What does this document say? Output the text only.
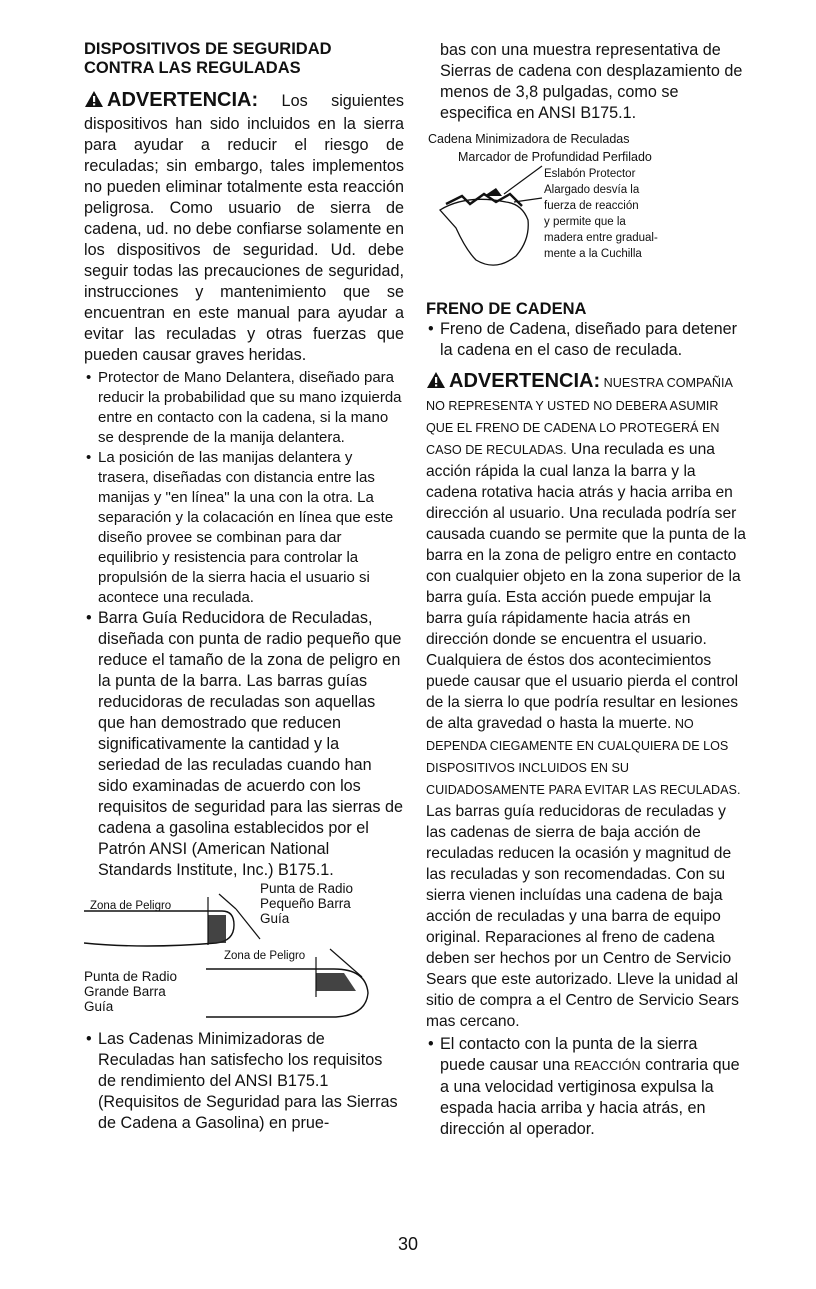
DISPOSITIVOS DE SEGURIDAD
CONTRA LAS REGULADAS

ADVERTENCIA: Los siguientes dispositivos han sido incluidos en la sierra para ayudar a reducir el riesgo de reculadas; sin embargo, tales implementos no pueden eliminar totalmente esta reacción peligrosa. Como usuario de sierra de cadena, ud. no debe confiarse solamente en los dispositivos de seguridad. Ud. debe seguir todas las precauciones de seguridad, instrucciones y mantenimiento que se encuentran en este manual para ayudar a evitar las reculadas y otras fuerzas que pueden causar graves heridas.

• Protector de Mano Delantera, diseñado para reducir la probabilidad que su mano izquierda entre en contacto con la cadena, si la mano se desprende de la manija delantera.
• La posición de las manijas delantera y trasera, diseñadas con distancia entre las manijas y "en línea" la una con la otra. La separación y la colacación en línea que este diseño provee se combinan para dar equilibrio y resistencia para controlar la propulsión de la sierra hacia el usuario si acontece una reculada.
• Barra Guía Reducidora de Reculadas, diseñada con punta de radio pequeño que reduce el tamaño de la zona de peligro en la punta de la barra. Las barras guías reducidoras de reculadas son aquellas que han demostrado que reducen significativamente la cantidad y la seriedad de las reculadas cuando han sido examinadas de acuerdo con los requisitos de seguridad para las sierras de cadena a gasolina establecidos por el Patrón ANSI (American National Standards Institute, Inc.) B175.1.
Zona de Peligro
Punta de Radio
Pequeño Barra
Guía
Zona de Peligro
Punta de Radio
Grande Barra
Guía
• Las Cadenas Minimizadoras de Reculadas han satisfecho los requisitos de rendimiento del ANSI B175.1 (Requisitos de Seguridad para las Sierras de Cadena a Gasolina) en prue-

bas con una muestra representativa de Sierras de cadena con desplazamiento de menos de 3,8 pulgadas, como se especifica en ANSI B175.1.

Cadena Minimizadora de Reculadas
Marcador de Profundidad Perfilado
Eslabón Protector
Alargado desvía la
fuerza de reacción
y permite que la
madera entre gradual-
mente a la Cuchilla
FRENO DE CADENA
• Freno de Cadena, diseñado para detener la cadena en el caso de reculada.

ADVERTENCIA: NUESTRA COMPAÑIA NO REPRESENTA Y USTED NO DEBERA ASUMIR QUE EL FRENO DE CADENA LO PROTEGERÁ EN CASO DE RECULADAS. Una reculada es una acción rápida la cual lanza la barra y la cadena rotativa hacia atrás y hacia arriba en dirección al usuario. Una reculada podría ser causada cuando se permite que la punta de la barra en la zona de peligro entre en contacto con cualquier objeto en la zona superior de la barra guía. Esta acción puede empujar la barra guía rápidamente hacia atrás en dirección donde se encuentra el usuario. Cualquiera de éstos dos acontecimientos puede causar que el usuario pierda el control de la sierra lo que podría resultar en lesiones de alta gravedad o hasta la muerte. NO DEPENDA CIEGAMENTE EN CUALQUIERA DE LOS DISPOSITIVOS INCLUIDOS EN SU CUIDADOSAMENTE PARA EVITAR LAS RECULADAS. Las barras guía reducidoras de reculadas y las cadenas de sierra de baja acción de reculadas reducen la ocasión y magnitud de las reculadas y son recomendadas. Con su sierra vienen incluídas una cadena de baja acción de reculadas y una barra de equipo original. Reparaciones al freno de cadena deben ser hechos por un Centro de Servicio Sears que este autorizado. Lleve la unidad al sitio de compra a el Centro de Servicio Sears mas cercano.

• El contacto con la punta de la sierra puede causar una REACCIÓN contraria que a una velocidad vertiginosa expulsa la espada hacia arriba y hacia atrás, en dirección al operador.
30
